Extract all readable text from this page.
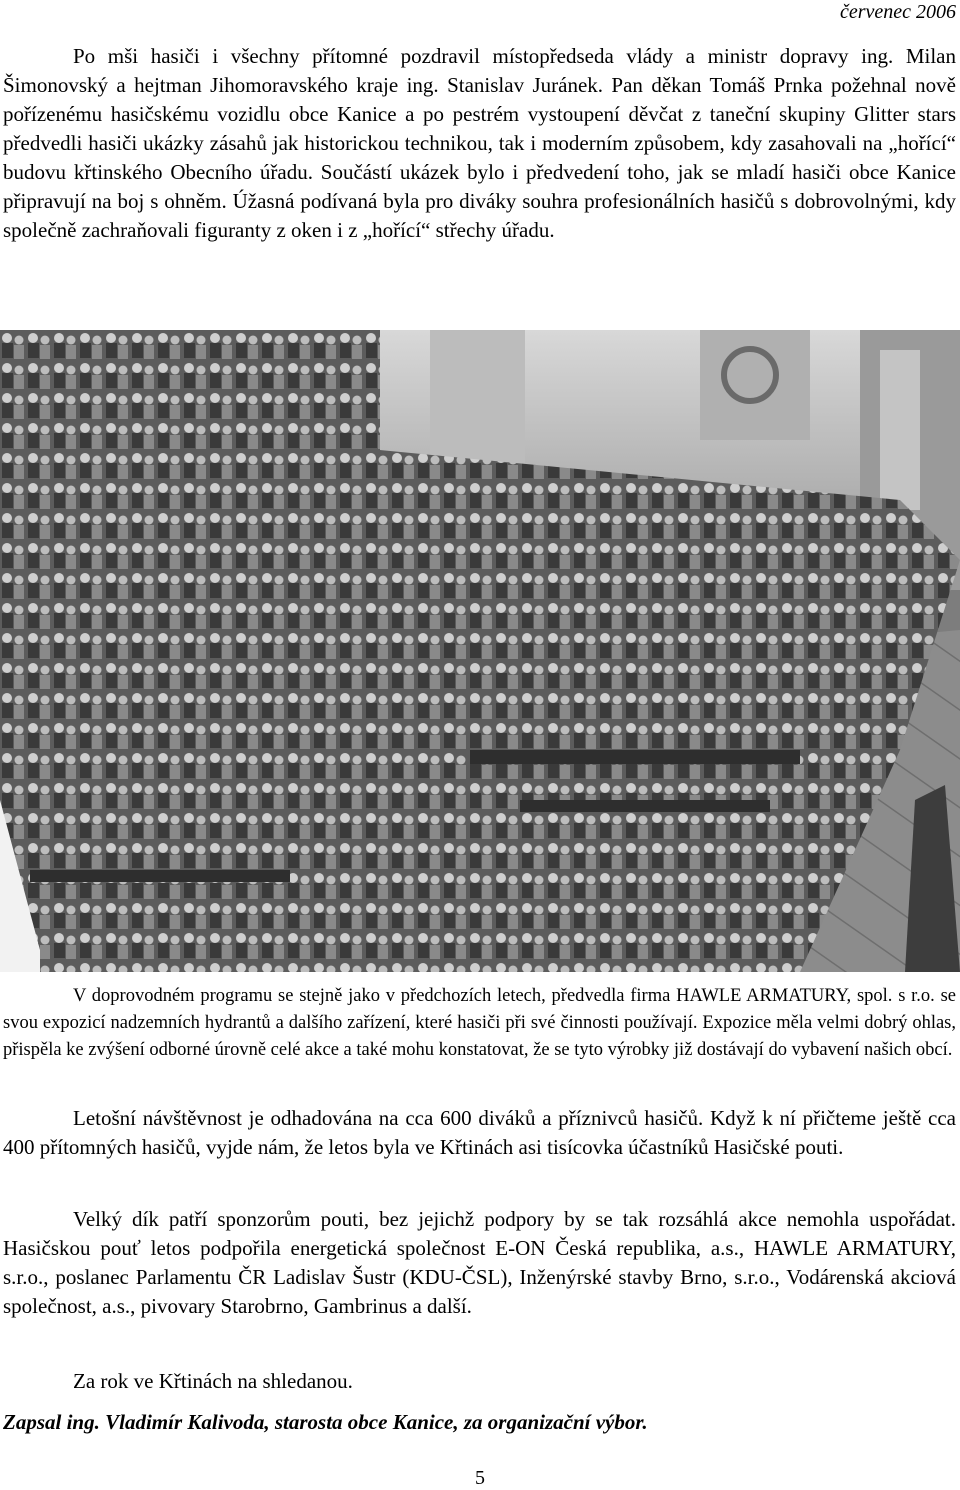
červenec 2006

Po mši hasiči i všechny přítomné pozdravil místopředseda vlády a ministr dopravy ing. Milan Šimonovský a hejtman Jihomoravského kraje ing. Stanislav Juránek. Pan děkan Tomáš Prnka požehnal nově pořízenému hasičskému vozidlu obce Kanice a po pestrém vystoupení děvčat z taneční skupiny Glitter stars předvedli hasiči ukázky zásahů jak historickou technikou, tak i moderním způsobem, kdy zasahovali na „hořící“ budovu křtinského Obecního úřadu. Součástí ukázek bylo i předvedení toho, jak se mladí hasiči obce Kanice připravují na boj s ohněm. Úžasná podívaná byla pro diváky souhra profesionálních hasičů s dobrovolnými, kdy společně zachraňovali figuranty z oken i z „hořící“ střechy úřadu.

V doprovodném programu se stejně jako v předchozích letech, předvedla firma HAWLE ARMATURY, spol. s r.o. se svou expozicí nadzemních hydrantů a dalšího zařízení, které hasiči při své činnosti používají. Expozice měla velmi dobrý ohlas, přispěla ke zvýšení odborné úrovně celé akce a také mohu konstatovat, že se tyto výrobky již dostávají do vybavení našich obcí.

Letošní návštěvnost je odhadována na cca 600 diváků a příznivců hasičů. Když k ní přičteme ještě cca 400 přítomných hasičů, vyjde nám, že letos byla ve Křtinách asi tisícovka účastníků Hasičské pouti.

Velký dík patří sponzorům pouti, bez jejichž podpory by se tak rozsáhlá akce nemohla uspořádat. Hasičskou pouť letos podpořila energetická společnost E-ON Česká republika, a.s., HAWLE ARMATURY, s.r.o., poslanec Parlamentu ČR Ladislav Šustr (KDU-ČSL), Inženýrské stavby Brno, s.r.o., Vodárenská akciová společnost, a.s., pivovary Starobrno, Gambrinus a další.

Za rok ve Křtinách na shledanou.

Zapsal ing. Vladimír Kalivoda, starosta obce Kanice, za organizační výbor.
5
